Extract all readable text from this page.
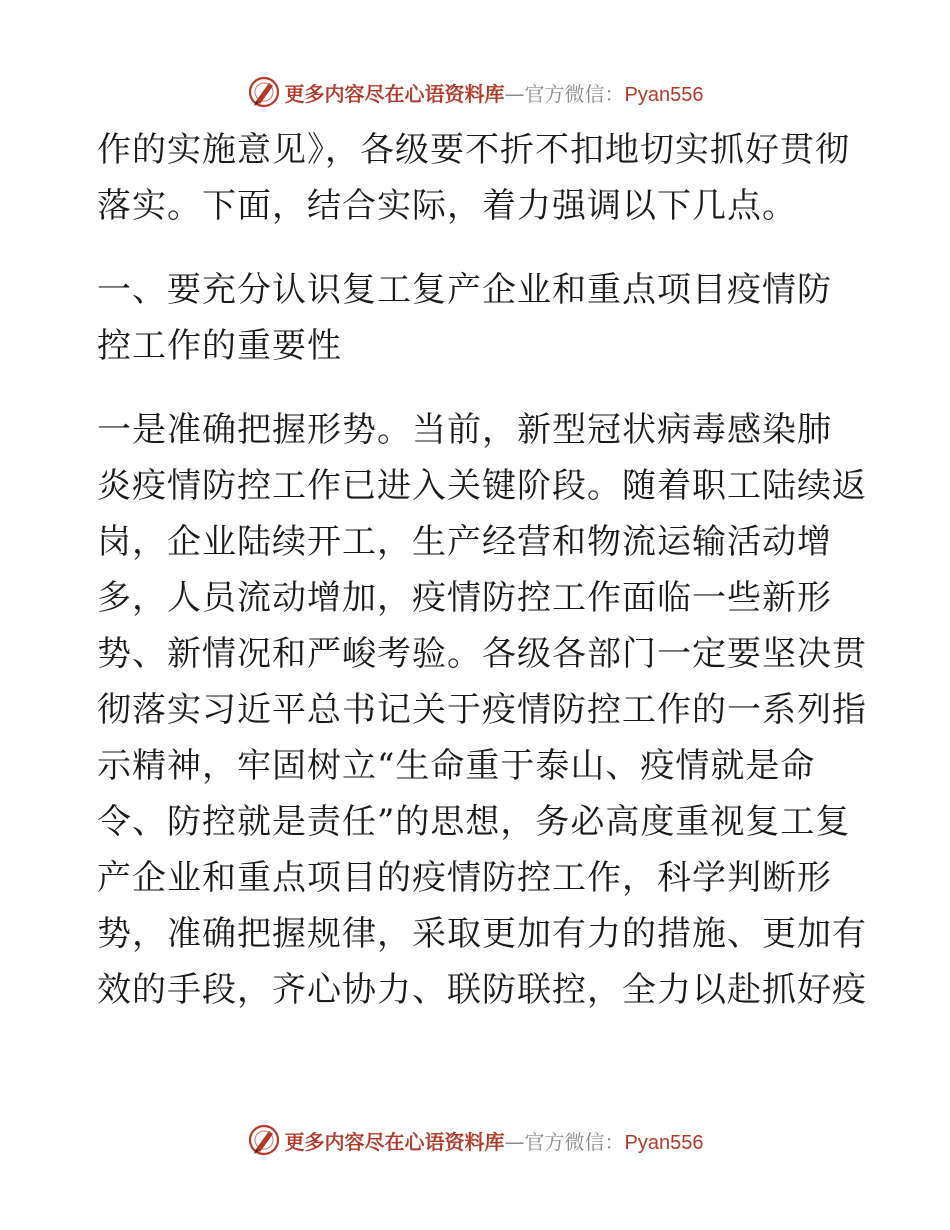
更多内容尽在心语资料库—官方微信：Pyan556
作的实施意见》，各级要不折不扣地切实抓好贯彻
落实。下面，结合实际，着力强调以下几点。
一、要充分认识复工复产企业和重点项目疫情防
控工作的重要性
一是准确把握形势。当前，新型冠状病毒感染肺
炎疫情防控工作已进入关键阶段。随着职工陆续返
岗，企业陆续开工，生产经营和物流运输活动增
多，人员流动增加，疫情防控工作面临一些新形
势、新情况和严峻考验。各级各部门一定要坚决贯
彻落实习近平总书记关于疫情防控工作的一系列指
示精神，牢固树立“生命重于泰山、疫情就是命
令、防控就是责任”的思想，务必高度重视复工复
产企业和重点项目的疫情防控工作，科学判断形
势，准确把握规律，采取更加有力的措施、更加有
效的手段，齐心协力、联防联控，全力以赴抓好疫
更多内容尽在心语资料库—官方微信：Pyan556
